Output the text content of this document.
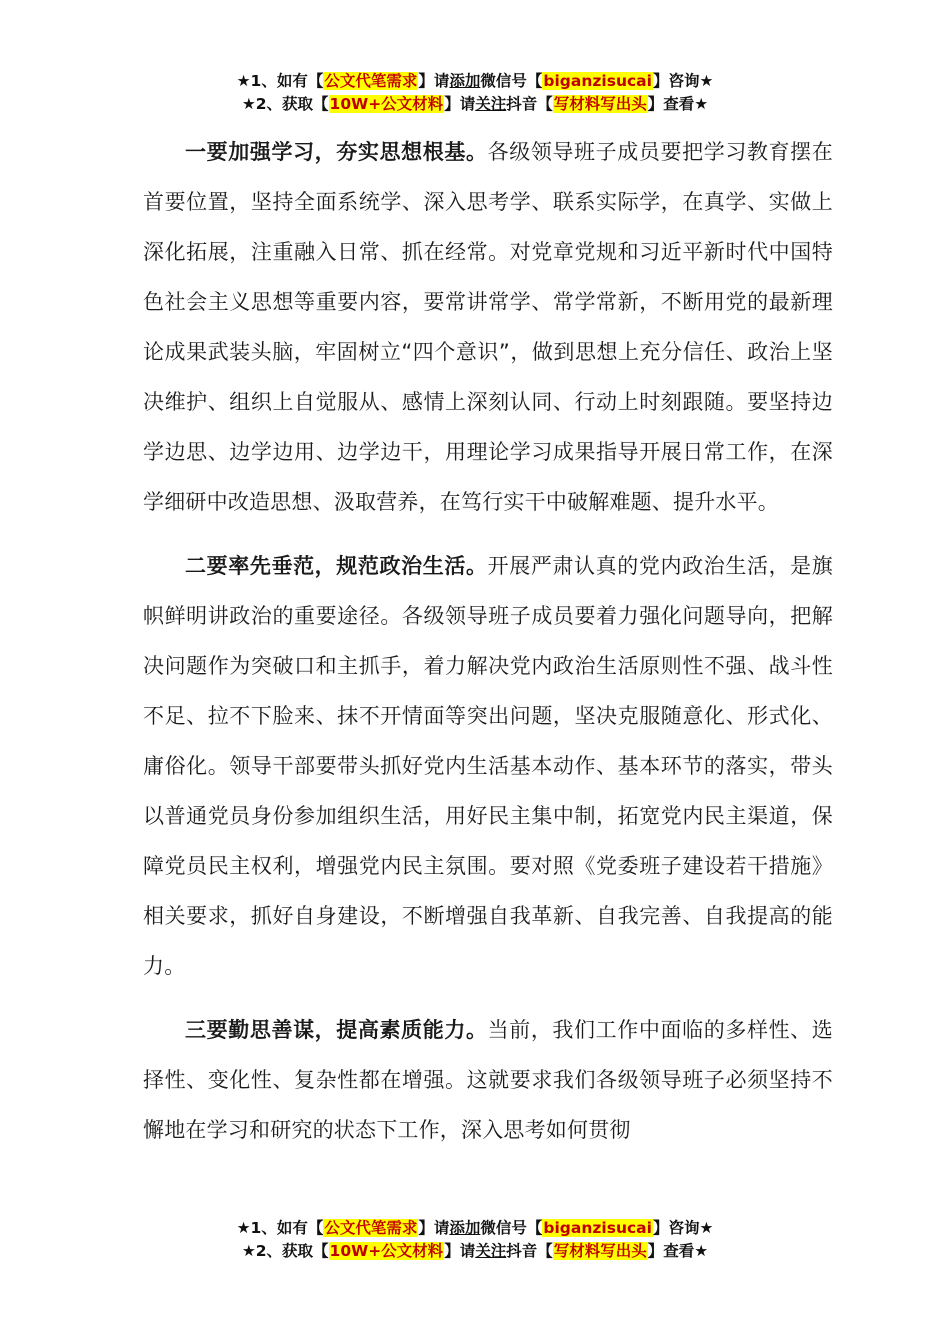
★1、如有【公文代笔需求】请添加微信号【biganzisucai】咨询★
★2、获取【10W+公文材料】请关注抖音【写材料写出头】查看★

一要加强学习，夯实思想根基。各级领导班子成员要把学习教育摆在首要位置，坚持全面系统学、深入思考学、联系实际学，在真学、实做上深化拓展，注重融入日常、抓在经常。对党章党规和习近平新时代中国特色社会主义思想等重要内容，要常讲常学、常学常新，不断用党的最新理论成果武装头脑，牢固树立“四个意识”，做到思想上充分信任、政治上坚决维护、组织上自觉服从、感情上深刻认同、行动上时刻跟随。要坚持边学边思、边学边用、边学边干，用理论学习成果指导开展日常工作，在深学细研中改造思想、汲取营养，在笃行实干中破解难题、提升水平。

二要率先垂范，规范政治生活。开展严肃认真的党内政治生活，是旗帜鲜明讲政治的重要途径。各级领导班子成员要着力强化问题导向，把解决问题作为突破口和主抓手，着力解决党内政治生活原则性不强、战斗性不足、拉不下脸来、抹不开情面等突出问题，坚决克服随意化、形式化、庸俗化。领导干部要带头抓好党内生活基本动作、基本环节的落实，带头以普通党员身份参加组织生活，用好民主集中制，拓宽党内民主渠道，保障党员民主权利，增强党内民主氛围。要对照《党委班子建设若干措施》相关要求，抓好自身建设，不断增强自我革新、自我完善、自我提高的能力。

三要勤思善谋，提高素质能力。当前，我们工作中面临的多样性、选择性、变化性、复杂性都在增强。这就要求我们各级领导班子必须坚持不懈地在学习和研究的状态下工作，深入思考如何贯彻

★1、如有【公文代笔需求】请添加微信号【biganzisucai】咨询★
★2、获取【10W+公文材料】请关注抖音【写材料写出头】查看★
